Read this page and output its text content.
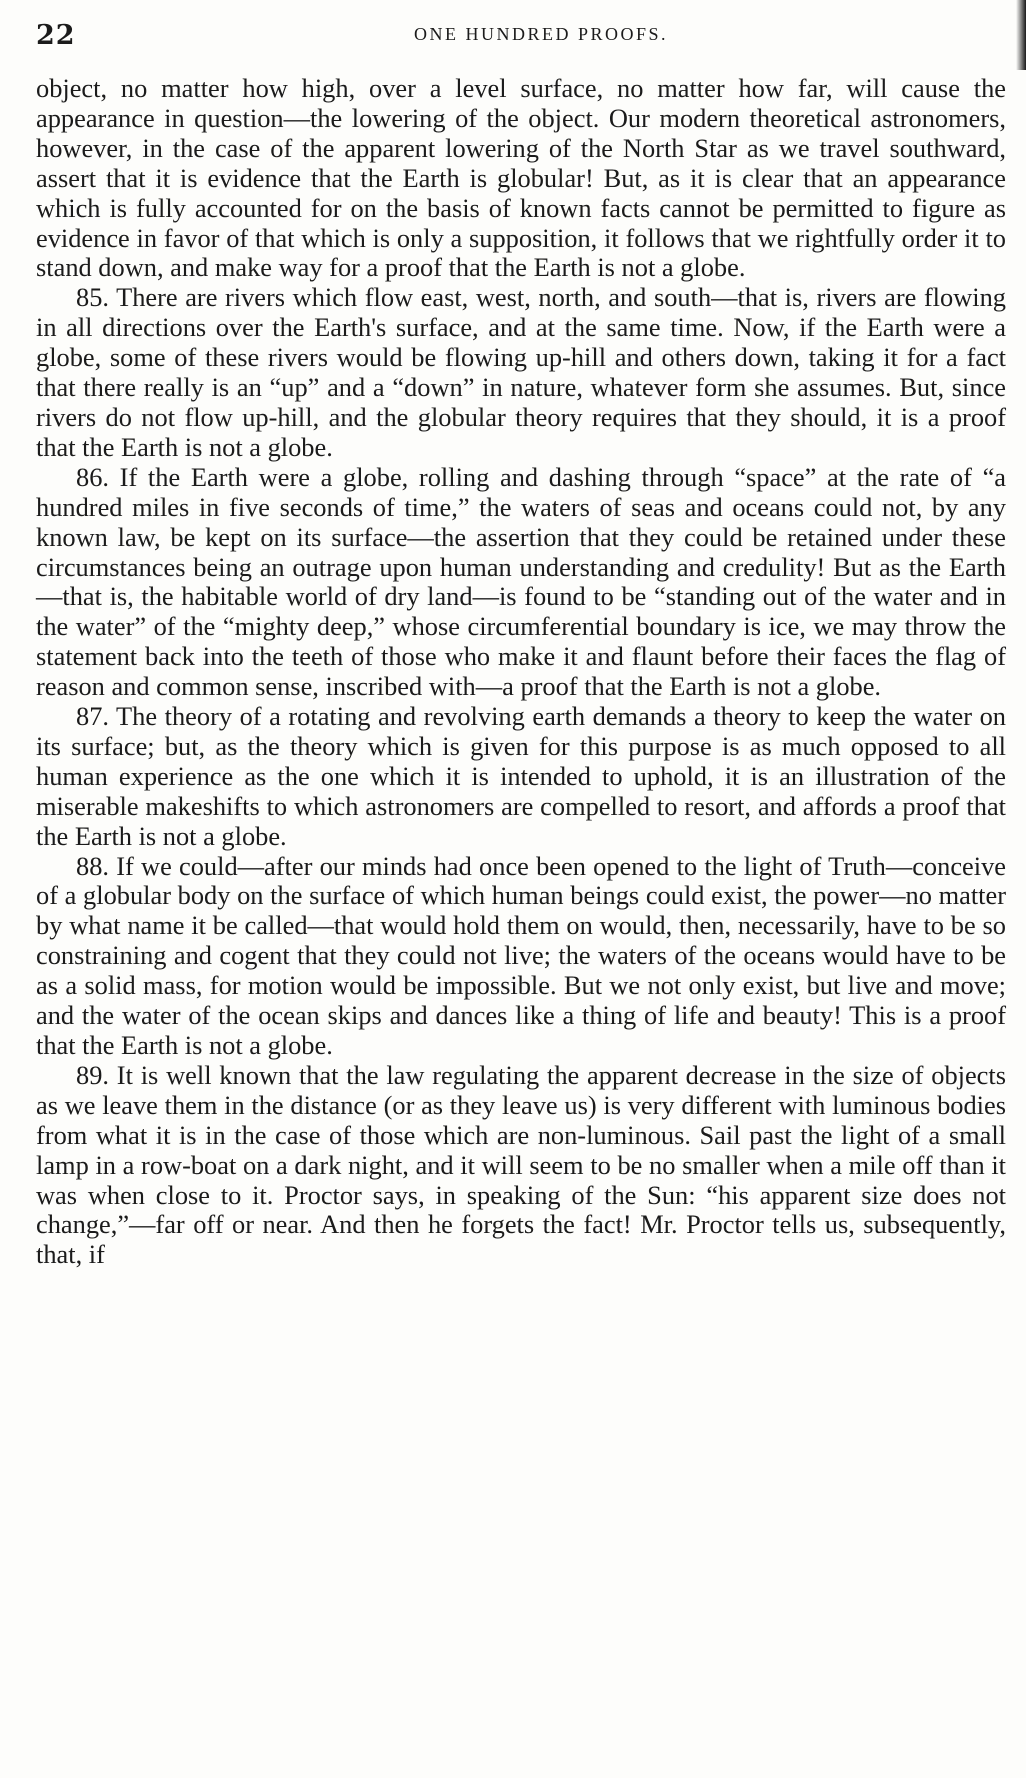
22	ONE HUNDRED PROOFS.

object, no matter how high, over a level surface, no matter how far, will cause the appearance in question—the lowering of the object. Our modern theoretical astronomers, however, in the case of the apparent lowering of the North Star as we travel southward, assert that it is evidence that the Earth is globular! But, as it is clear that an appearance which is fully accounted for on the basis of known facts cannot be permitted to figure as evidence in favor of that which is only a supposition, it follows that we rightfully order it to stand down, and make way for a proof that the Earth is not a globe.

85. There are rivers which flow east, west, north, and south—that is, rivers are flowing in all directions over the Earth's surface, and at the same time. Now, if the Earth were a globe, some of these rivers would be flowing up-hill and others down, taking it for a fact that there really is an “up” and a “down” in nature, whatever form she assumes. But, since rivers do not flow up-hill, and the globular theory requires that they should, it is a proof that the Earth is not a globe.

86. If the Earth were a globe, rolling and dashing through “space” at the rate of “a hundred miles in five seconds of time,” the waters of seas and oceans could not, by any known law, be kept on its surface—the assertion that they could be retained under these circumstances being an outrage upon human understanding and credulity! But as the Earth—that is, the habitable world of dry land—is found to be “standing out of the water and in the water” of the “mighty deep,” whose circumferential boundary is ice, we may throw the statement back into the teeth of those who make it and flaunt before their faces the flag of reason and common sense, inscribed with—a proof that the Earth is not a globe.

87. The theory of a rotating and revolving earth demands a theory to keep the water on its surface; but, as the theory which is given for this purpose is as much opposed to all human experience as the one which it is intended to uphold, it is an illustration of the miserable makeshifts to which astronomers are compelled to resort, and affords a proof that the Earth is not a globe.

88. If we could—after our minds had once been opened to the light of Truth—conceive of a globular body on the surface of which human beings could exist, the power—no matter by what name it be called—that would hold them on would, then, necessarily, have to be so constraining and cogent that they could not live; the waters of the oceans would have to be as a solid mass, for motion would be impossible. But we not only exist, but live and move; and the water of the ocean skips and dances like a thing of life and beauty! This is a proof that the Earth is not a globe.

89. It is well known that the law regulating the apparent decrease in the size of objects as we leave them in the distance (or as they leave us) is very different with luminous bodies from what it is in the case of those which are non-luminous. Sail past the light of a small lamp in a row-boat on a dark night, and it will seem to be no smaller when a mile off than it was when close to it. Proctor says, in speaking of the Sun: “his apparent size does not change,”—far off or near. And then he forgets the fact! Mr. Proctor tells us, subsequently, that, if
